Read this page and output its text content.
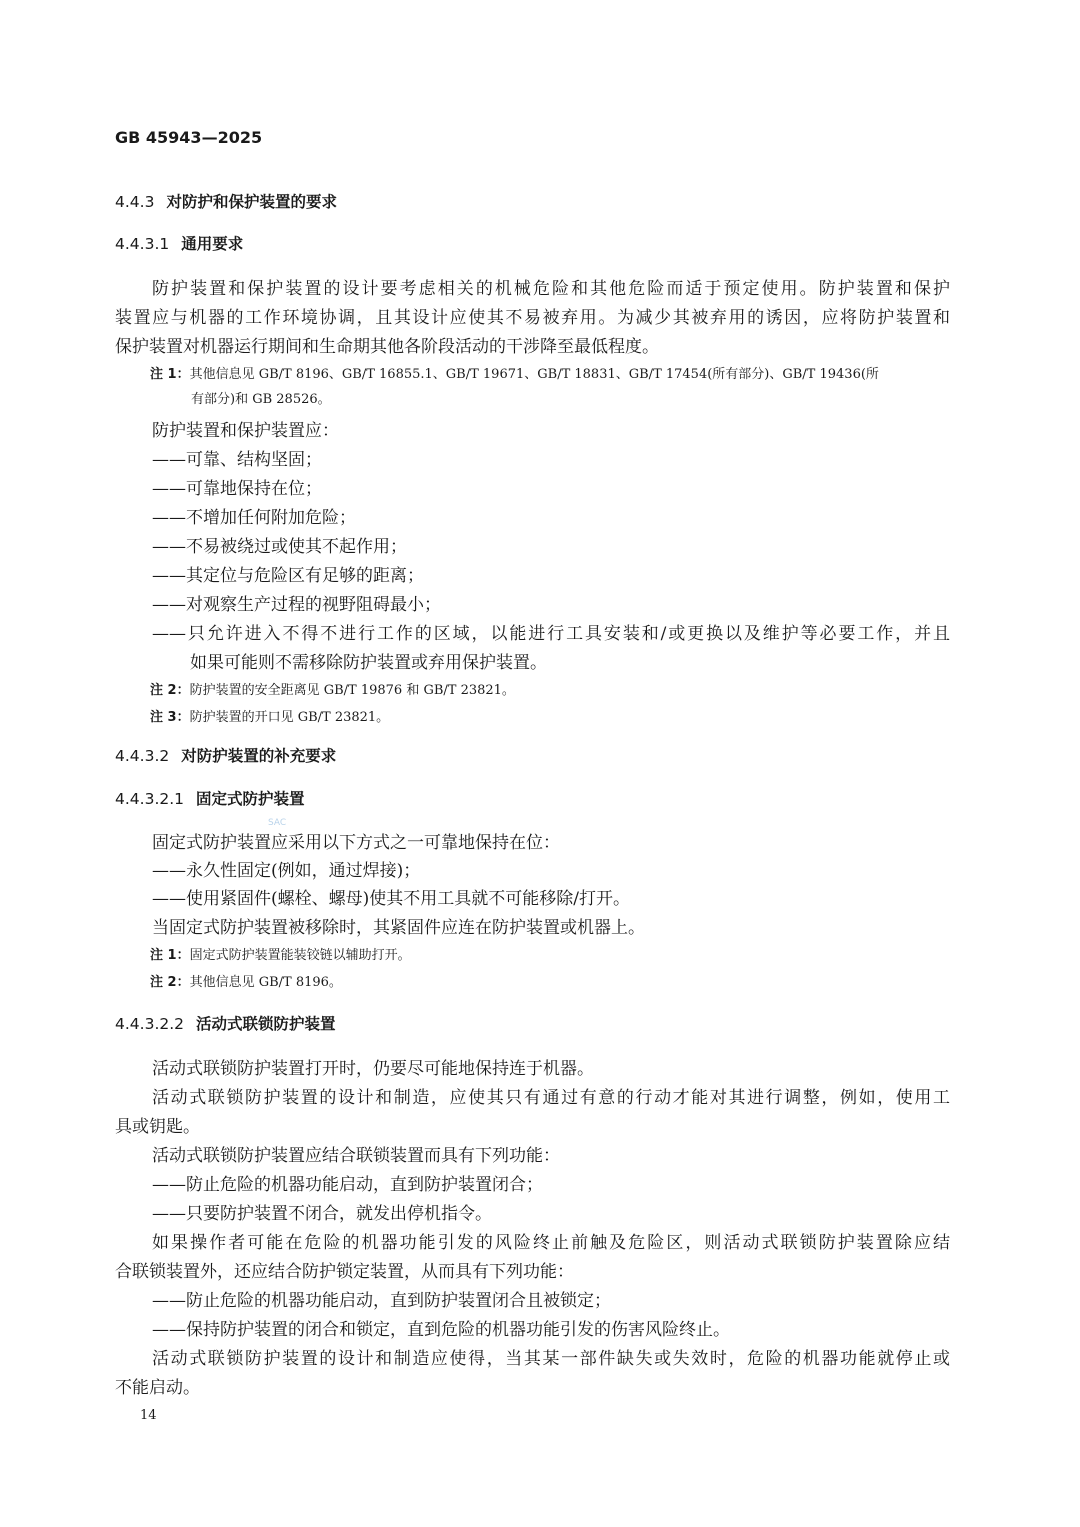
GB 45943—2025
4.4.3 对防护和保护装置的要求
4.4.3.1 通用要求
防护装置和保护装置的设计要考虑相关的机械危险和其他危险而适于预定使用。防护装置和保护
装置应与机器的工作环境协调，且其设计应使其不易被弃用。为减少其被弃用的诱因，应将防护装置和
保护装置对机器运行期间和生命期其他各阶段活动的干涉降至最低程度。
注 1：其他信息见 GB/T 8196、GB/T 16855.1、GB/T 19671、GB/T 18831、GB/T 17454(所有部分)、GB/T 19436(所
有部分)和 GB 28526。
防护装置和保护装置应：
——可靠、结构坚固；
——可靠地保持在位；
——不增加任何附加危险；
——不易被绕过或使其不起作用；
——其定位与危险区有足够的距离；
——对观察生产过程的视野阻碍最小；
——只允许进入不得不进行工作的区域，以能进行工具安装和/或更换以及维护等必要工作，并且
如果可能则不需移除防护装置或弃用保护装置。
注 2：防护装置的安全距离见 GB/T 19876 和 GB/T 23821。
注 3：防护装置的开口见 GB/T 23821。
4.4.3.2 对防护装置的补充要求
4.4.3.2.1 固定式防护装置
SAC
固定式防护装置应采用以下方式之一可靠地保持在位：
——永久性固定(例如，通过焊接)；
——使用紧固件(螺栓、螺母)使其不用工具就不可能移除/打开。
当固定式防护装置被移除时，其紧固件应连在防护装置或机器上。
注 1：固定式防护装置能装铰链以辅助打开。
注 2：其他信息见 GB/T 8196。
4.4.3.2.2 活动式联锁防护装置
活动式联锁防护装置打开时，仍要尽可能地保持连于机器。
活动式联锁防护装置的设计和制造，应使其只有通过有意的行动才能对其进行调整，例如，使用工
具或钥匙。
活动式联锁防护装置应结合联锁装置而具有下列功能：
——防止危险的机器功能启动，直到防护装置闭合；
——只要防护装置不闭合，就发出停机指令。
如果操作者可能在危险的机器功能引发的风险终止前触及危险区，则活动式联锁防护装置除应结
合联锁装置外，还应结合防护锁定装置，从而具有下列功能：
——防止危险的机器功能启动，直到防护装置闭合且被锁定；
——保持防护装置的闭合和锁定，直到危险的机器功能引发的伤害风险终止。
活动式联锁防护装置的设计和制造应使得，当其某一部件缺失或失效时，危险的机器功能就停止或
不能启动。
14
